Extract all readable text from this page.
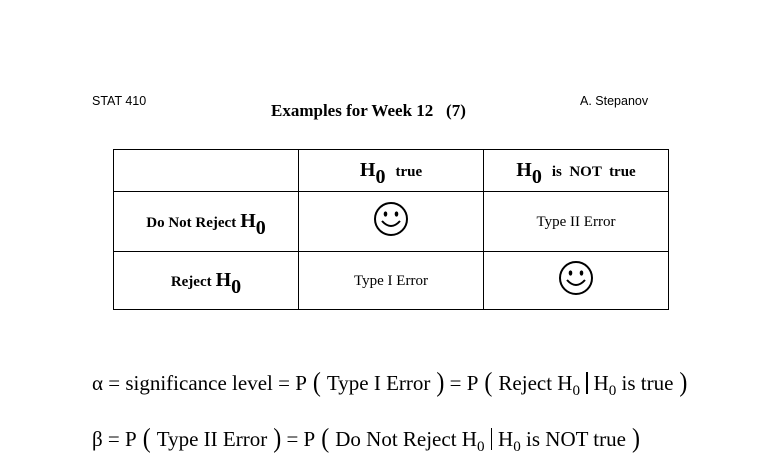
STAT 410	A. Stepanov
Examples for Week 12   (7)
	H0 true	H0 is  NOT  true
Do Not Reject H0		Type II Error
Reject H0	Type I Error	
α = significance level = P ( Type I Error ) = P ( Reject $H_0$ $H_0$ is true )
β = P ( Type II Error ) = P ( Do Not Reject $H_0$ $H_0$ is NOT true )
